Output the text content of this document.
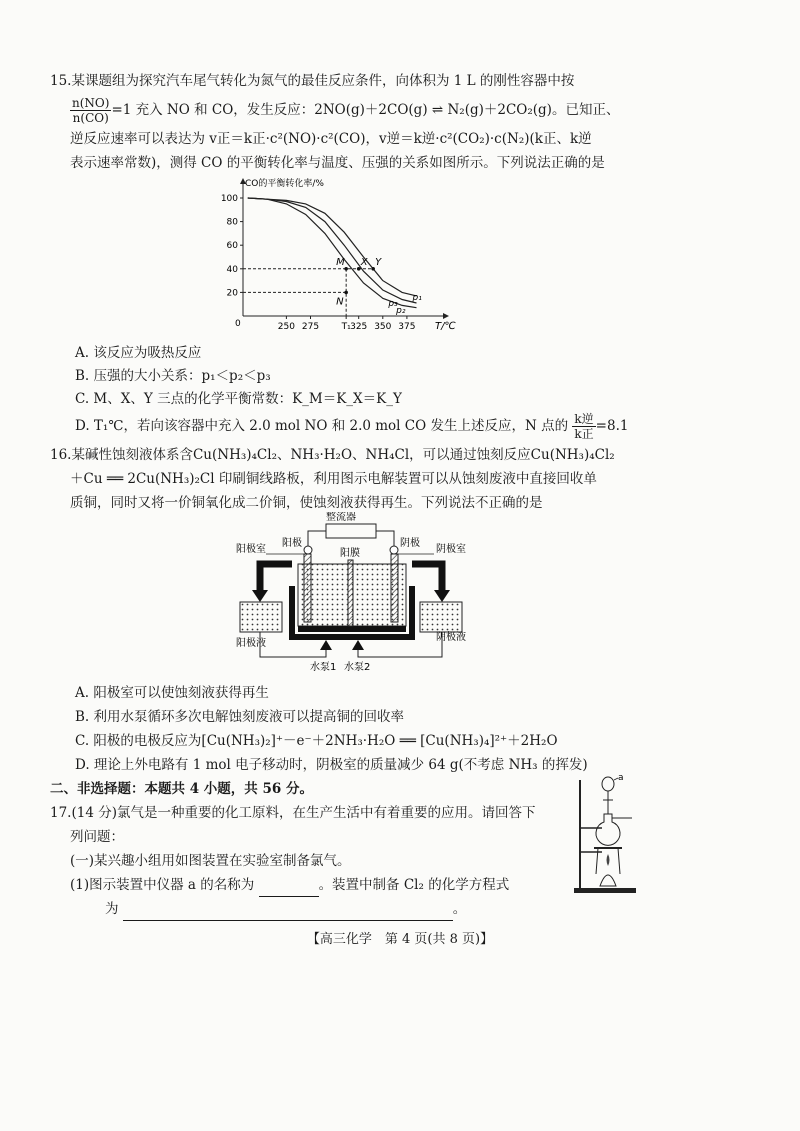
15.某课题组为探究汽车尾气转化为氮气的最佳反应条件，向体积为 1 L 的刚性容器中按
$\frac{n(NO)}{n(CO)} =1$ 充入 NO 和 CO，发生反应：2NO(g)＋2CO(g) ⇌ N₂(g)＋2CO₂(g)。已知正、
逆反应速率可以表达为 v正＝k正·c²(NO)·c²(CO)，v逆＝k逆·c²(CO₂)·c(N₂)(k正、k逆
表示速率常数)，测得 CO 的平衡转化率与温度、压强的关系如图所示。下列说法正确的是
CO的平衡转化率/%
T/℃
0
100
80
60
40
20
250 275	T₁ 325 350 375
M X Y
N	p₃
p₂
p₁
A. 该反应为吸热反应
B. 压强的大小关系：p₁＜p₂＜p₃
C. M、X、Y 三点的化学平衡常数：K_M＝K_X＝K_Y
D. T₁℃，若向该容器中充入 2.0 mol NO 和 2.0 mol CO 发生上述反应，N 点的 $\frac{\text{k逆}}{\text{k正}} =8.1$
16.某碱性蚀刻液体系含Cu(NH₃)₄Cl₂、NH₃·H₂O、NH₄Cl，可以通过蚀刻反应Cu(NH₃)₄Cl₂
＋Cu ══ 2Cu(NH₃)₂Cl 印刷铜线路板，利用图示电解装置可以从蚀刻废液中直接回收单
质铜，同时又将一价铜氧化成二价铜，使蚀刻液获得再生。下列说法不正确的是
整流器
阳极	阴极
阳膜
阳极室	阴极室
阳极液
阴极液
水泵1 水泵2
A. 阳极室可以使蚀刻液获得再生
B. 利用水泵循环多次电解蚀刻废液可以提高铜的回收率
C. 阳极的电极反应为[Cu(NH₃)₂]⁺－e⁻＋2NH₃·H₂O ══ [Cu(NH₃)₄]²⁺＋2H₂O
D. 理论上外电路有 1 mol 电子移动时，阴极室的质量减少 64 g(不考虑 NH₃ 的挥发)
二、非选择题：本题共 4 小题，共 56 分。
17.(14 分)氯气是一种重要的化工原料，在生产生活中有着重要的应用。请回答下
列问题：
(一)某兴趣小组用如图装置在实验室制备氯气。
(1)图示装置中仪器 a 的名称为	。装置中制备 Cl₂ 的化学方程式
为	。
a
【高三化学　第 4 页(共 8 页)】
